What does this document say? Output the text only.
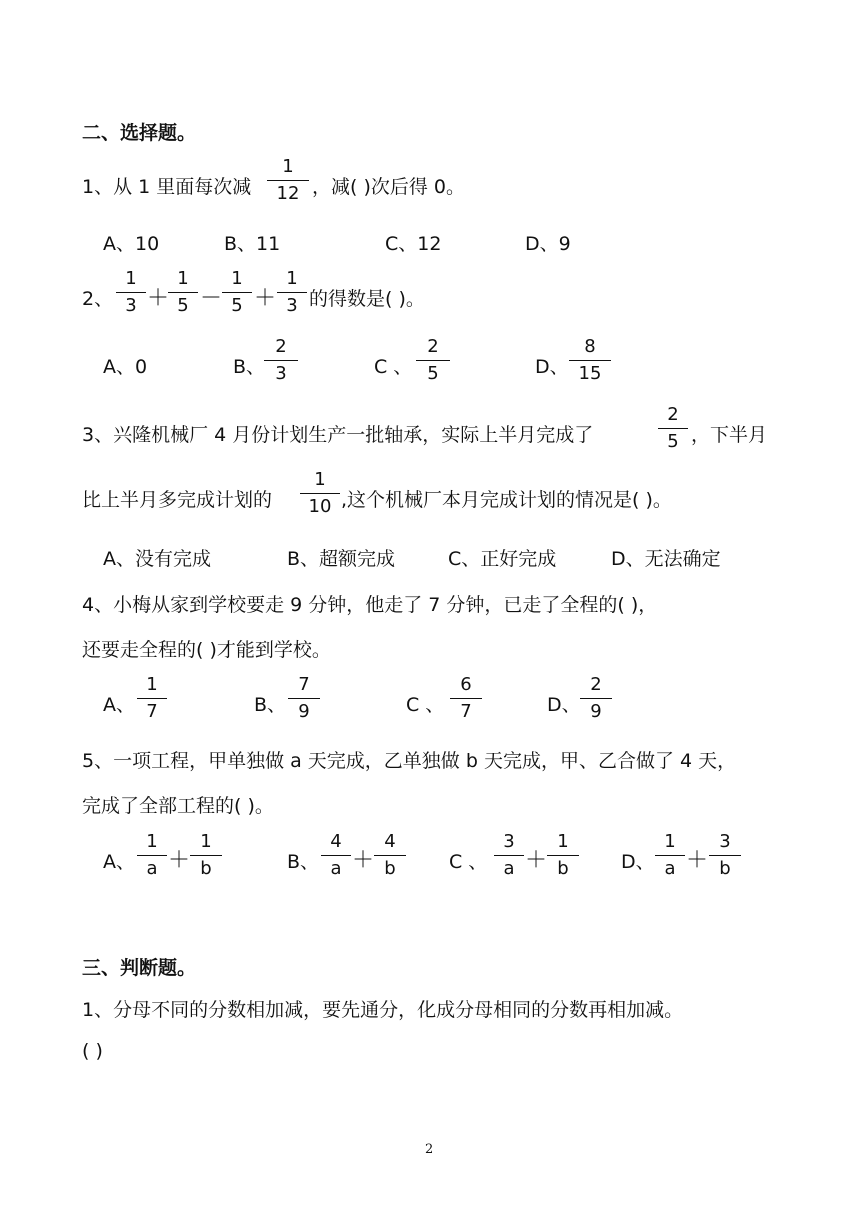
二、选择题。
1、从 1 里面每次减
1
12 ，减( )次后得 0。
A、10	B、11	C、12	D、9
2、
1
3 ＋
1
5 －
1
5 ＋
1
3 的得数是( )。
A、0	B、
2
3	C 、
2
5	D、
8
15
3、兴隆机械厂 4 月份计划生产一批轴承，实际上半月完成了
2
5 ，下半月
比上半月多完成计划的
1
10 ,这个机械厂本月完成计划的情况是( )。
A、没有完成	B、超额完成	C、正好完成	D、无法确定
4、小梅从家到学校要走 9 分钟，他走了 7 分钟，已走了全程的( )，
还要走全程的( )才能到学校。
A、
1
7	B、
7
9	C 、
6
7	D、
2
9
5、一项工程，甲单独做 a 天完成，乙单独做 b 天完成，甲、乙合做了 4 天，
完成了全部工程的( )。
A、
1
a ＋
1
b	B、
4
a ＋
4
b	C 、
3
a ＋
1
b	D、
1
a ＋
3
b
三、判断题。
1、分母不同的分数相加减，要先通分，化成分母相同的分数再相加减。
( )
2
